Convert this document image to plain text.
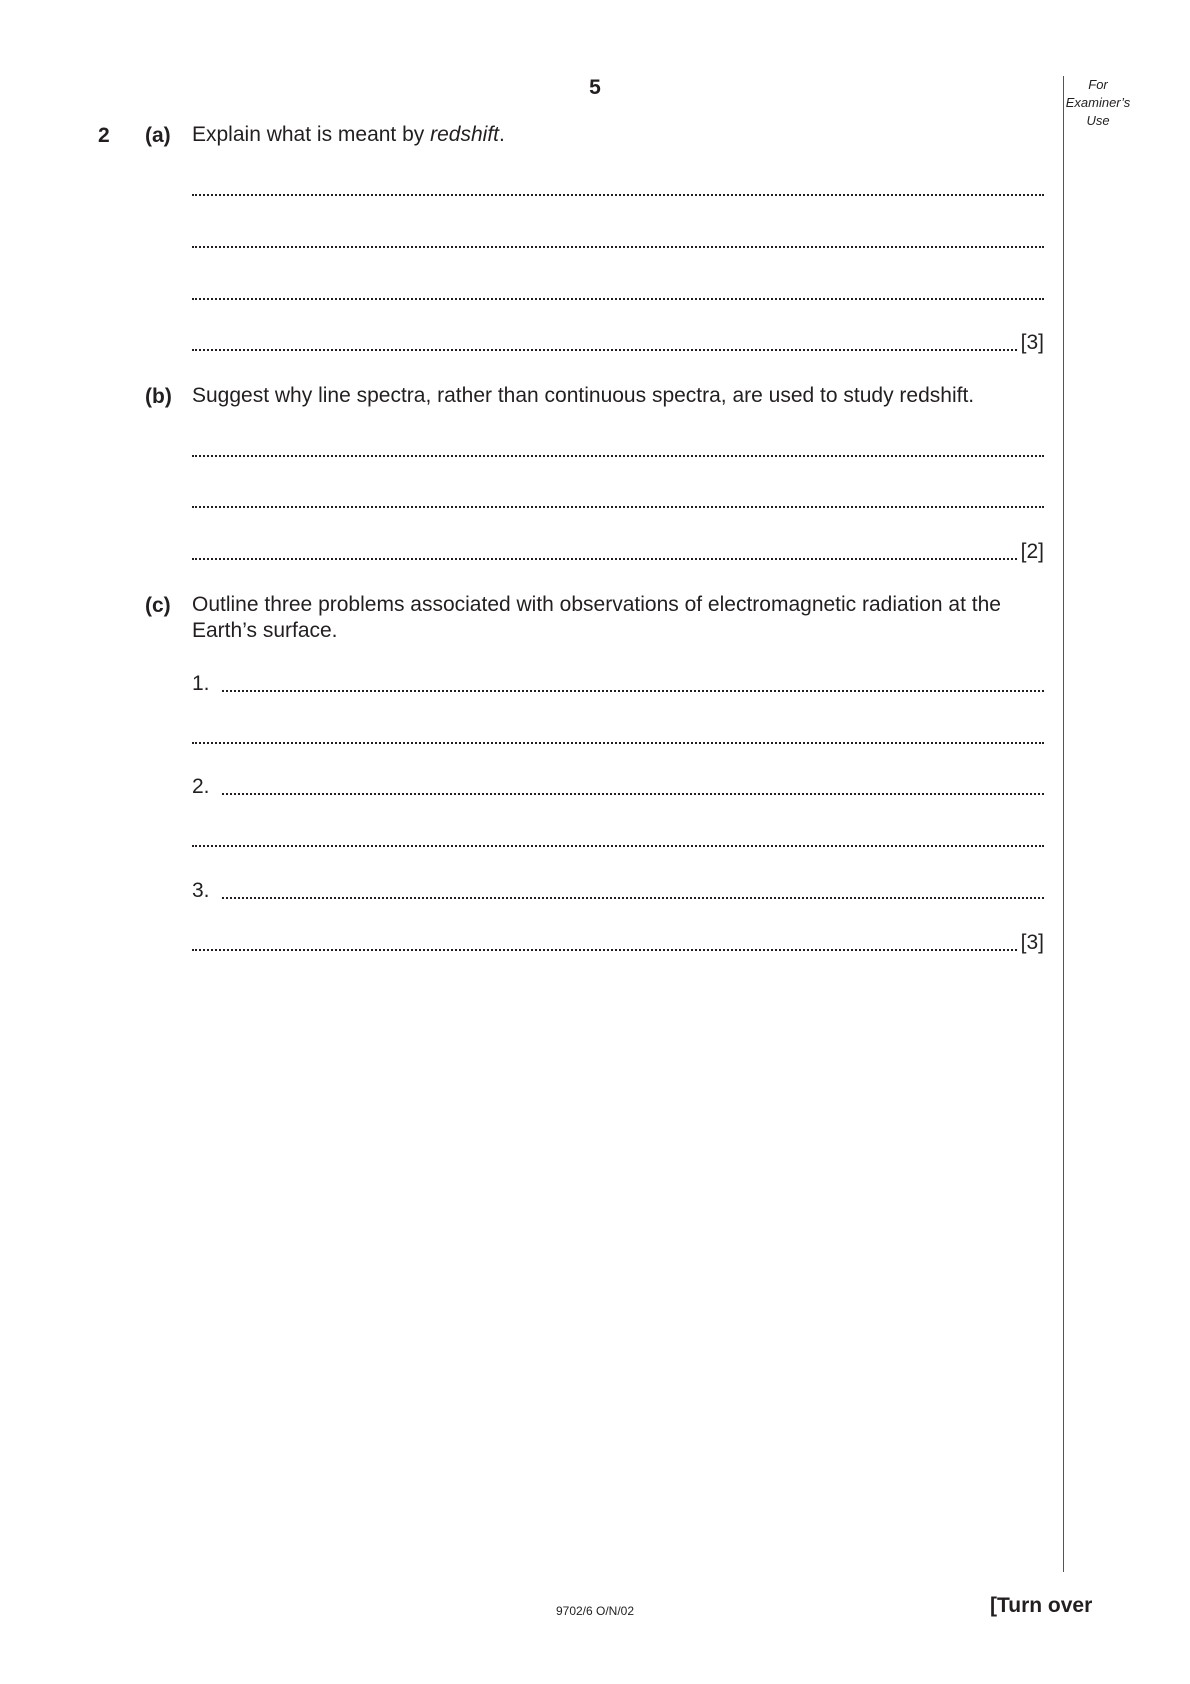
5	For
Examiner’s
Use
2 (a) Explain what is meant by redshift.
[3]
(b) Suggest why line spectra, rather than continuous spectra, are used to study redshift.
[2]
(c) Outline three problems associated with observations of electromagnetic radiation at the Earth’s surface.
1.
2.
3.
[3]
9702/6 O/N/02	[Turn over
